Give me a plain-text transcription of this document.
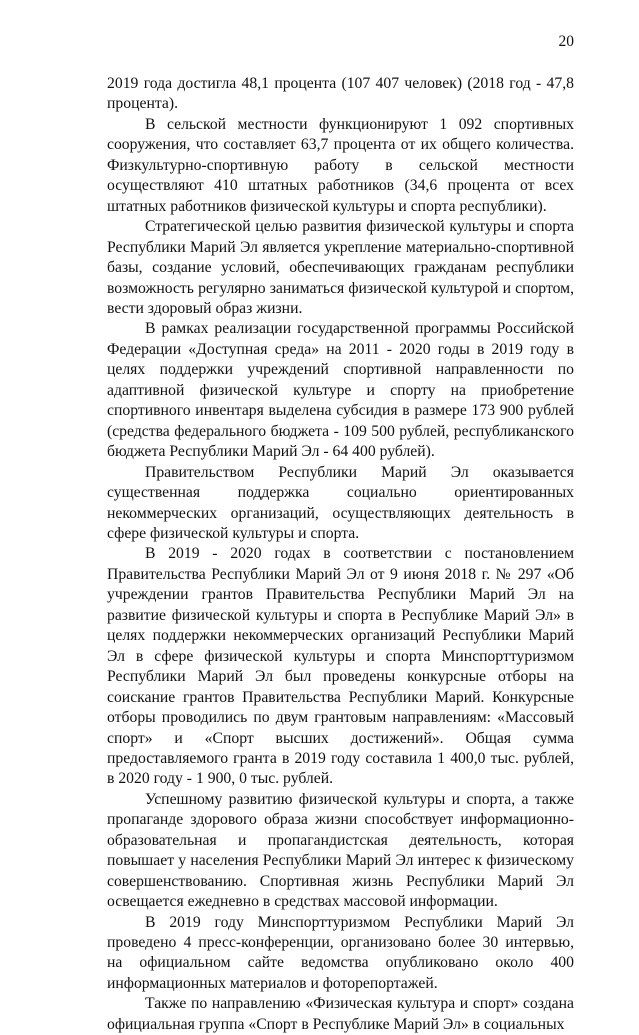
20

2019 года достигла 48,1 процента (107 407 человек) (2018 год - 47,8 процента).

В сельской местности функционируют 1 092 спортивных сооружения, что составляет 63,7 процента от их общего количества. Физкультурно-спортивную работу в сельской местности осуществляют 410 штатных работников (34,6 процента от всех штатных работников физической культуры и спорта республики).

Стратегической целью развития физической культуры и спорта Республики Марий Эл является укрепление материально-спортивной базы, создание условий, обеспечивающих гражданам республики возможность регулярно заниматься физической культурой и спортом, вести здоровый образ жизни.

В рамках реализации государственной программы Российской Федерации «Доступная среда» на 2011 - 2020 годы в 2019 году в целях поддержки учреждений спортивной направленности по адаптивной физической культуре и спорту на приобретение спортивного инвентаря выделена субсидия в размере 173 900 рублей (средства федерального бюджета - 109 500 рублей, республиканского бюджета Республики Марий Эл - 64 400 рублей).

Правительством Республики Марий Эл оказывается существенная поддержка социально ориентированных некоммерческих организаций, осуществляющих деятельность в сфере физической культуры и спорта.

В 2019 - 2020 годах в соответствии с постановлением Правительства Республики Марий Эл от 9 июня 2018 г. № 297 «Об учреждении грантов Правительства Республики Марий Эл на развитие физической культуры и спорта в Республике Марий Эл» в целях поддержки некоммерческих организаций Республики Марий Эл в сфере физической культуры и спорта Минспорттуризмом Республики Марий Эл был проведены конкурсные отборы на соискание грантов Правительства Республики Марий. Конкурсные отборы проводились по двум грантовым направлениям: «Массовый спорт» и «Спорт высших достижений». Общая сумма предоставляемого гранта в 2019 году составила 1 400,0 тыс. рублей, в 2020 году - 1 900, 0 тыс. рублей.

Успешному развитию физической культуры и спорта, а также пропаганде здорового образа жизни способствует информационно-образовательная и пропагандистская деятельность, которая повышает у населения Республики Марий Эл интерес к физическому совершенствованию. Спортивная жизнь Республики Марий Эл освещается ежедневно в средствах массовой информации.

В 2019 году Минспорттуризмом Республики Марий Эл проведено 4 пресс-конференции, организовано более 30 интервью, на официальном сайте ведомства опубликовано около 400 информационных материалов и фоторепортажей.

Также по направлению «Физическая культура и спорт» создана официальная группа «Спорт в Республике Марий Эл» в социальных
